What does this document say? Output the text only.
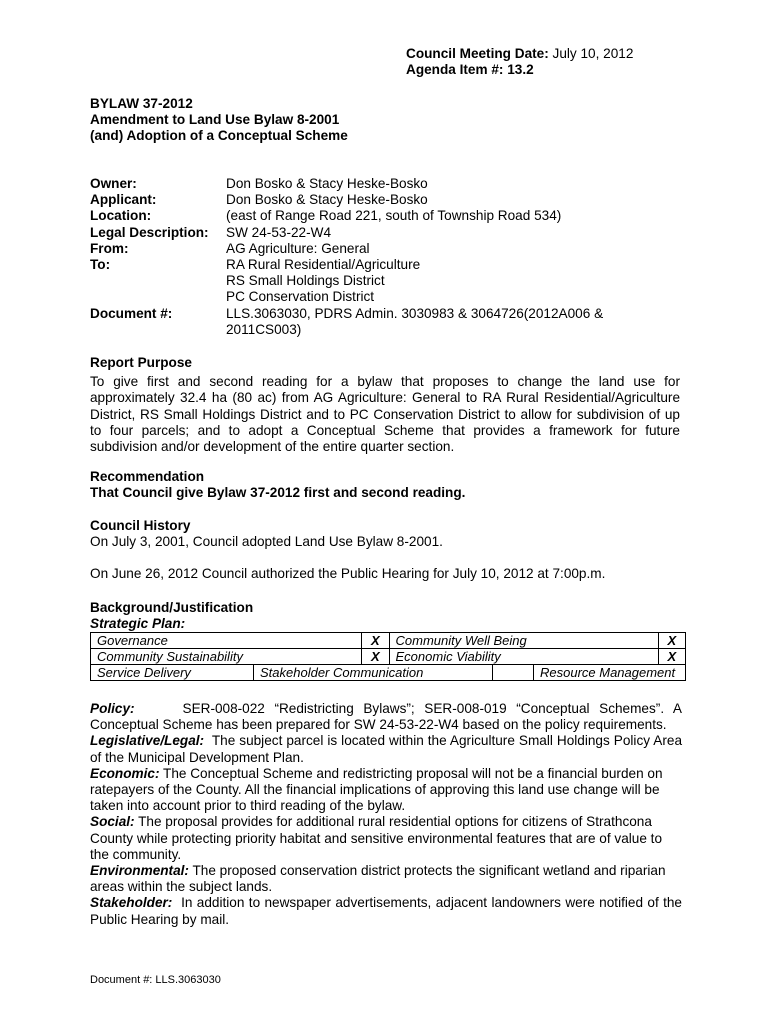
Council Meeting Date: July 10, 2012
Agenda Item #: 13.2
BYLAW 37-2012
Amendment to Land Use Bylaw 8-2001
(and) Adoption of a Conceptual Scheme
Owner:	Don Bosko & Stacy Heske-Bosko
Applicant:	Don Bosko & Stacy Heske-Bosko
Location:	(east of Range Road 221, south of Township Road 534)
Legal Description:	SW 24-53-22-W4
From:	AG Agriculture: General
To:	RA Rural Residential/Agriculture
RS Small Holdings District
PC Conservation District
Document #:	LLS.3063030, PDRS Admin. 3030983 & 3064726(2012A006 &
2011CS003)
Report Purpose
To give first and second reading for a bylaw that proposes to change the land use for approximately 32.4 ha (80 ac) from AG Agriculture: General to RA Rural Residential/Agriculture District, RS Small Holdings District and to PC Conservation District to allow for subdivision of up to four parcels; and to adopt a Conceptual Scheme that provides a framework for future subdivision and/or development of the entire quarter section.
Recommendation
That Council give Bylaw 37-2012 first and second reading.
Council History
On July 3, 2001, Council adopted Land Use Bylaw 8-2001.
On June 26, 2012 Council authorized the Public Hearing for July 10, 2012 at 7:00p.m.
Background/Justification
Strategic Plan:
Governance	X	Community Well Being	X
Community Sustainability	X	Economic Viability	X
Service Delivery	Stakeholder Communication		Resource Management

Policy:	SER-008-022 “Redistricting Bylaws”; SER-008-019 “Conceptual Schemes”. A Conceptual Scheme has been prepared for SW 24-53-22-W4 based on the policy requirements.

Legislative/Legal: The subject parcel is located within the Agriculture Small Holdings Policy Area of the Municipal Development Plan.

Economic: The Conceptual Scheme and redistricting proposal will not be a financial burden on ratepayers of the County. All the financial implications of approving this land use change will be taken into account prior to third reading of the bylaw.

Social: The proposal provides for additional rural residential options for citizens of Strathcona County while protecting priority habitat and sensitive environmental features that are of value to the community.

Environmental: The proposed conservation district protects the significant wetland and riparian areas within the subject lands.

Stakeholder: In addition to newspaper advertisements, adjacent landowners were notified of the Public Hearing by mail.

Document #: LLS.3063030
